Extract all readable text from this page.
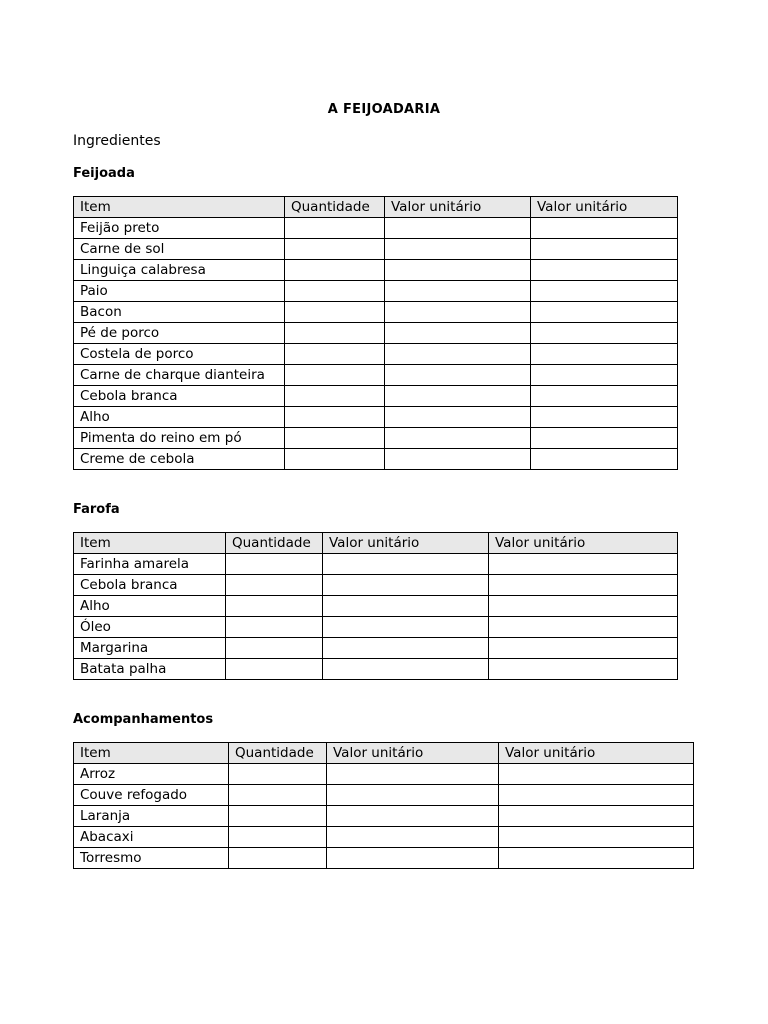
A FEIJOADARIA
Ingredientes
Feijoada
Item	Quantidade	Valor unitário	Valor unitário
Feijão preto			
Carne de sol			
Linguiça calabresa			
Paio			
Bacon			
Pé de porco			
Costela de porco			
Carne de charque dianteira			
Cebola branca			
Alho			
Pimenta do reino em pó			
Creme de cebola			
Farofa
Item	Quantidade	Valor unitário	Valor unitário
Farinha amarela			
Cebola branca			
Alho			
Óleo			
Margarina			
Batata palha			
Acompanhamentos
Item	Quantidade	Valor unitário	Valor unitário
Arroz			
Couve refogado			
Laranja			
Abacaxi			
Torresmo			
